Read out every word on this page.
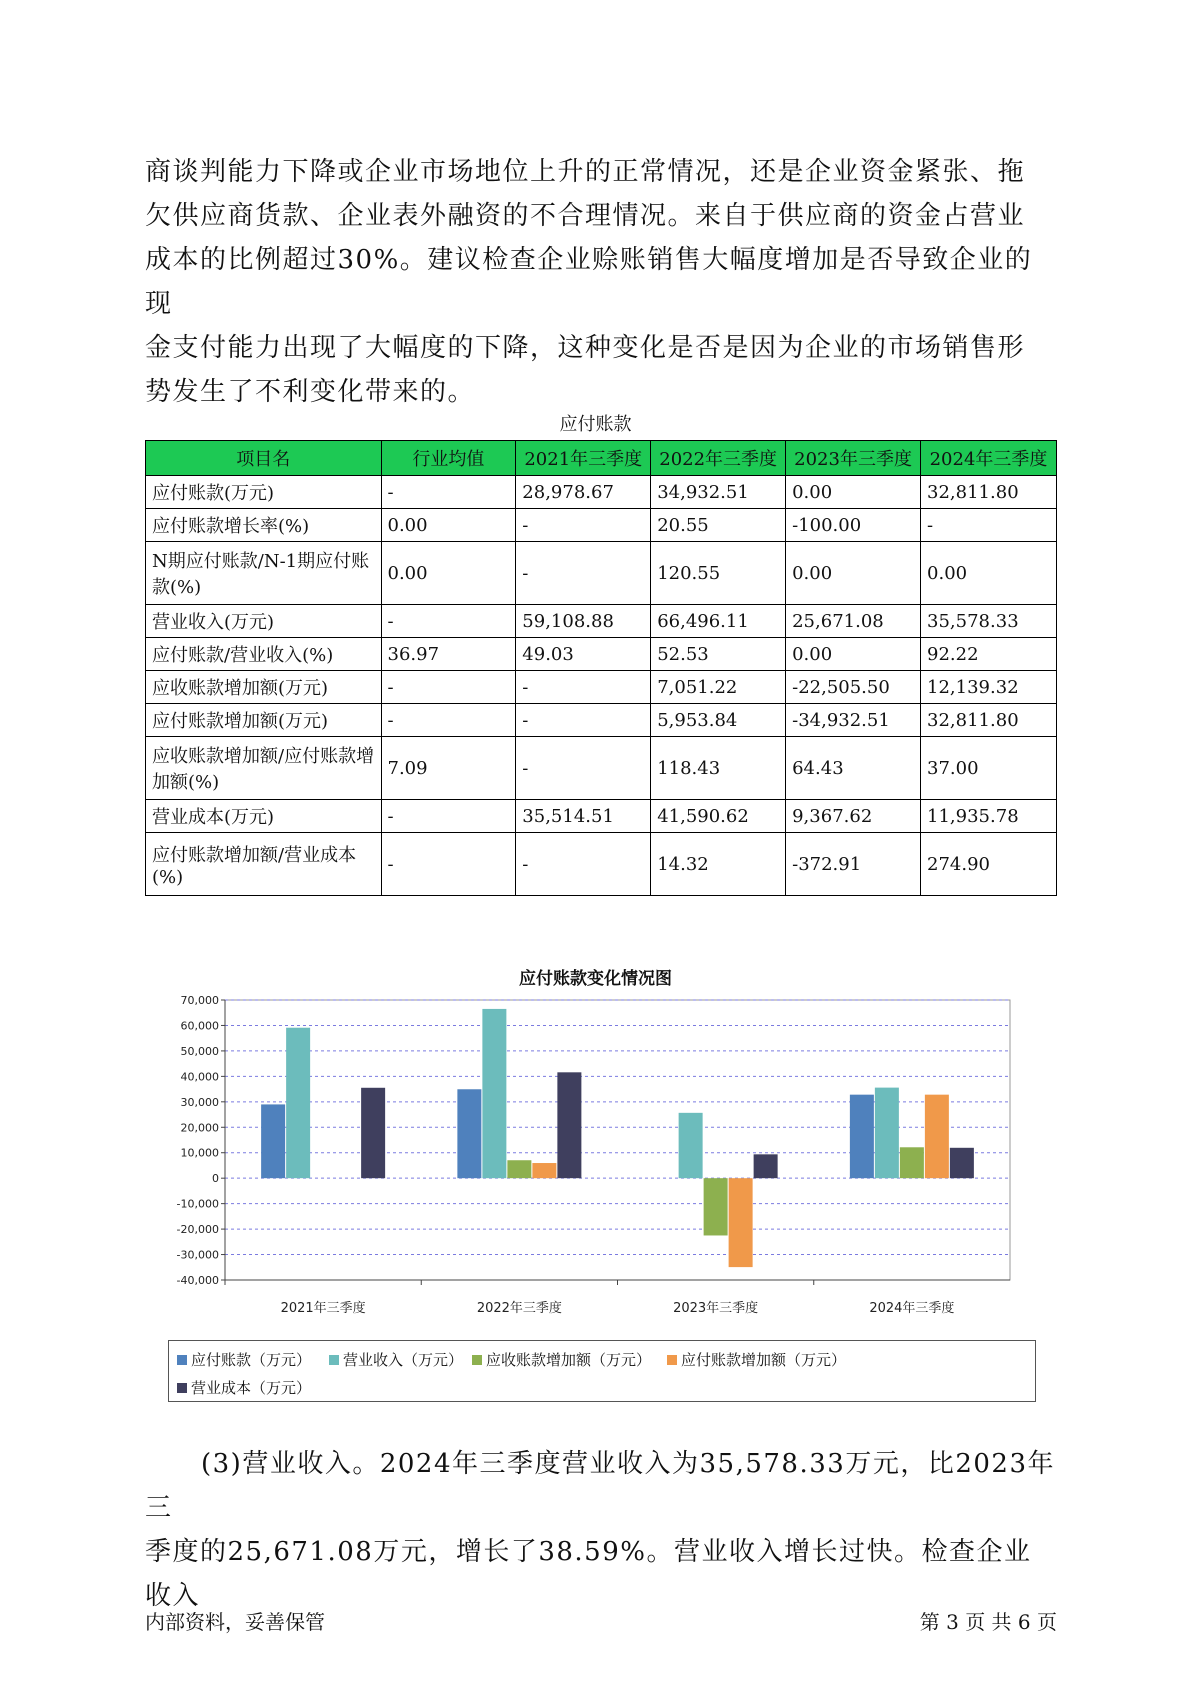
商谈判能力下降或企业市场地位上升的正常情况，还是企业资金紧张、拖

欠供应商货款、企业表外融资的不合理情况。来自于供应商的资金占营业

成本的比例超过30%。建议检查企业赊账销售大幅度增加是否导致企业的现

金支付能力出现了大幅度的下降，这种变化是否是因为企业的市场销售形

势发生了不利变化带来的。

应付账款
项目名	行业均值	2021年三季度	2022年三季度	2023年三季度	2024年三季度
应付账款(万元)	-	28,978.67	34,932.51	0.00	32,811.80
应付账款增长率(%)	0.00	-	20.55	-100.00	-
N期应付账款/N-1期应付账款(%)	0.00	-	120.55	0.00	0.00
营业收入(万元)	-	59,108.88	66,496.11	25,671.08	35,578.33
应付账款/营业收入(%)	36.97	49.03	52.53	0.00	92.22
应收账款增加额(万元)	-	-	7,051.22	-22,505.50	12,139.32
应付账款增加额(万元)	-	-	5,953.84	-34,932.51	32,811.80
应收账款增加额/应付账款增加额(%)	7.09	-	118.43	64.43	37.00
营业成本(万元)	-	35,514.51	41,590.62	9,367.62	11,935.78
应付账款增加额/营业成本(%)	-	-	14.32	-372.91	274.90
应付账款变化情况图
70,000
60,000
50,000
40,000
30,000
20,000
10,000
0
-10,000
-20,000
-30,000
-40,000
2021年三季度	2022年三季度	2023年三季度	2024年三季度
应付账款（万元） 营业收入（万元） 应收账款增加额（万元） 应付账款增加额（万元）
营业成本（万元）

(3)营业收入。2024年三季度营业收入为35,578.33万元，比2023年三

季度的25,671.08万元，增长了38.59%。营业收入增长过快。检查企业收入

内部资料，妥善保管	第 3 页 共 6 页
